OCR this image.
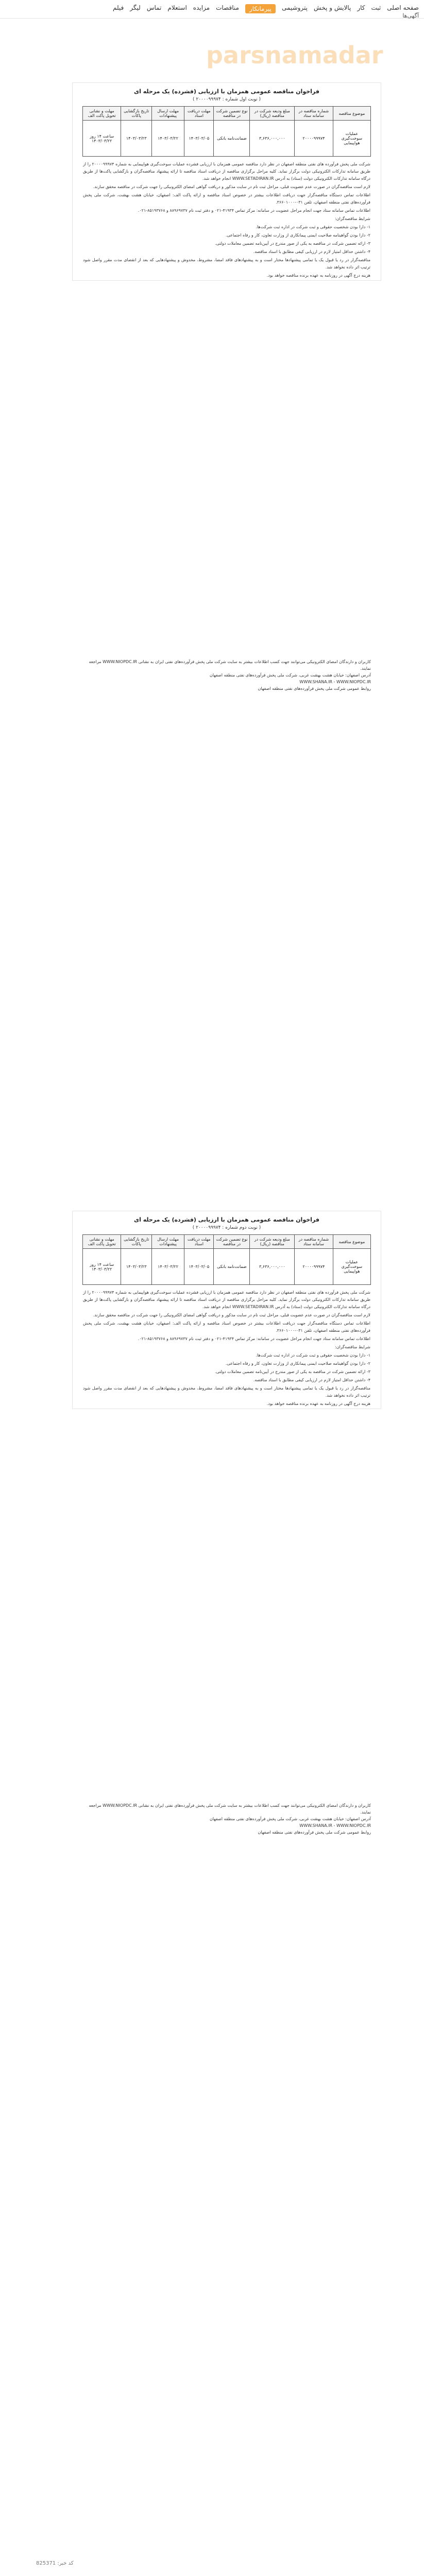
صفحه اصلی
ثبت
کار
پالایش و پخش
پتروشیمی
پیرمانکار
مناقصات
مزایده
استعلام
تماس
لیگر
فیلم
آگهی‌ها
parsnamadar
فراخوان مناقصه عمومی همزمان با ارزیابی (فشرده) یک مرحله ای
( نوبت اول شماره : ۲۰۰۰۰۹۹۹۷۴ )
موضوع مناقصه	شماره مناقصه در سامانه ستاد	مبلغ ودیعه شرکت در مناقصه (ریال)	نوع تضمین شرکت در مناقصه	مهلت دریافت اسناد	مهلت ارسال پیشنهادات	تاریخ بازگشایی پاکات	مهلت و نشانی تحویل پاکت الف
عملیات سوخت‌گیری هواپیمایی	۲۰۰۰۰۹۹۹۷۴	۳,۶۳۶,۰۰۰,۰۰۰	ضمانت‌نامه بانکی	۱۴۰۳/۰۳/۰۵	۱۴۰۳/۰۳/۲۲	۱۴۰۳/۰۳/۲۳	ساعت ۱۴ روز ۱۴۰۳/۰۳/۲۲

شرکت ملی پخش فرآورده های نفتی منطقه اصفهان در نظر دارد مناقصه عمومی همزمان با ارزیابی فشرده عملیات سوخت‌گیری هواپیمایی به شماره ۲۰۰۰۰۹۹۹۷۴ را از طریق سامانه تدارکات الکترونیکی دولت برگزار نماید. کلیه مراحل برگزاری مناقصه از دریافت اسناد مناقصه تا ارائه پیشنهاد مناقصه‌گران و بازگشایی پاکت‌ها از طریق درگاه سامانه تدارکات الکترونیکی دولت (ستاد) به آدرس WWW.SETADIRAN.IR انجام خواهد شد.

لازم است مناقصه‌گران در صورت عدم عضویت قبلی، مراحل ثبت نام در سایت مذکور و دریافت گواهی امضای الکترونیکی را جهت شرکت در مناقصه محقق سازند.

اطلاعات تماس دستگاه مناقصه‌گزار جهت دریافت اطلاعات بیشتر در خصوص اسناد مناقصه و ارائه پاکت الف: اصفهان، خیابان هشت بهشت، شرکت ملی پخش فرآورده‌های نفتی منطقه اصفهان، تلفن ۰۳۱-۳۶۶۰۱۰۰۰.

اطلاعات تماس سامانه ستاد جهت انجام مراحل عضویت در سامانه: مرکز تماس ۴۱۹۳۴-۰۲۱ و دفتر ثبت نام ۸۸۹۶۹۷۳۷ و ۸۵۱۹۳۷۶۸-۰۲۱.

شرایط مناقصه‌گران:

۱- دارا بودن شخصیت حقوقی و ثبت شرکت در اداره ثبت شرکت‌ها.

۲- دارا بودن گواهینامه صلاحیت ایمنی پیمانکاری از وزارت تعاون، کار و رفاه اجتماعی.

۳- ارائه تضمین شرکت در مناقصه به یکی از صور مندرج در آیین‌نامه تضمین معاملات دولتی.

۴- داشتن حداقل امتیاز لازم در ارزیابی کیفی مطابق با اسناد مناقصه.

مناقصه‌گزار در رد یا قبول یک یا تمامی پیشنهادها مختار است و به پیشنهادهای فاقد امضا، مشروط، مخدوش و پیشنهادهایی که بعد از انقضای مدت مقرر واصل شود ترتیب اثر داده نخواهد شد.

هزینه درج آگهی در روزنامه به عهده برنده مناقصه خواهد بود.

کاربران و دارندگان امضای الکترونیکی می‌توانند جهت کسب اطلاعات بیشتر به سایت شرکت ملی پخش فرآورده‌های نفتی ایران به نشانی WWW.NIOPDC.IR مراجعه نمایند.

آدرس اصفهان: خیابان هشت بهشت غربی، شرکت ملی پخش فرآورده‌های نفتی منطقه اصفهان

WWW.SHANA.IR - WWW.NIOPDC.IR

روابط عمومی شرکت ملی پخش فرآورده‌های نفتی منطقه اصفهان

فراخوان مناقصه عمومی همزمان با ارزیابی (فشرده) یک مرحله ای
( نوبت دوم شماره : ۲۰۰۰۰۹۹۹۷۴ )
موضوع مناقصه	شماره مناقصه در سامانه ستاد	مبلغ ودیعه شرکت در مناقصه (ریال)	نوع تضمین شرکت در مناقصه	مهلت دریافت اسناد	مهلت ارسال پیشنهادات	تاریخ بازگشایی پاکات	مهلت و نشانی تحویل پاکت الف
عملیات سوخت‌گیری هواپیمایی	۲۰۰۰۰۹۹۹۷۴	۳,۶۳۶,۰۰۰,۰۰۰	ضمانت‌نامه بانکی	۱۴۰۳/۰۳/۰۵	۱۴۰۳/۰۳/۲۲	۱۴۰۳/۰۳/۲۳	ساعت ۱۴ روز ۱۴۰۳/۰۳/۲۲

شرکت ملی پخش فرآورده های نفتی منطقه اصفهان در نظر دارد مناقصه عمومی همزمان با ارزیابی فشرده عملیات سوخت‌گیری هواپیمایی به شماره ۲۰۰۰۰۹۹۹۷۴ را از طریق سامانه تدارکات الکترونیکی دولت برگزار نماید. کلیه مراحل برگزاری مناقصه از دریافت اسناد مناقصه تا ارائه پیشنهاد مناقصه‌گران و بازگشایی پاکت‌ها از طریق درگاه سامانه تدارکات الکترونیکی دولت (ستاد) به آدرس WWW.SETADIRAN.IR انجام خواهد شد.

لازم است مناقصه‌گران در صورت عدم عضویت قبلی، مراحل ثبت نام در سایت مذکور و دریافت گواهی امضای الکترونیکی را جهت شرکت در مناقصه محقق سازند.

اطلاعات تماس دستگاه مناقصه‌گزار جهت دریافت اطلاعات بیشتر در خصوص اسناد مناقصه و ارائه پاکت الف: اصفهان، خیابان هشت بهشت، شرکت ملی پخش فرآورده‌های نفتی منطقه اصفهان، تلفن ۰۳۱-۳۶۶۰۱۰۰۰.

اطلاعات تماس سامانه ستاد جهت انجام مراحل عضویت در سامانه: مرکز تماس ۴۱۹۳۴-۰۲۱ و دفتر ثبت نام ۸۸۹۶۹۷۳۷ و ۸۵۱۹۳۷۶۸-۰۲۱.

شرایط مناقصه‌گران:

۱- دارا بودن شخصیت حقوقی و ثبت شرکت در اداره ثبت شرکت‌ها.

۲- دارا بودن گواهینامه صلاحیت ایمنی پیمانکاری از وزارت تعاون، کار و رفاه اجتماعی.

۳- ارائه تضمین شرکت در مناقصه به یکی از صور مندرج در آیین‌نامه تضمین معاملات دولتی.

۴- داشتن حداقل امتیاز لازم در ارزیابی کیفی مطابق با اسناد مناقصه.

مناقصه‌گزار در رد یا قبول یک یا تمامی پیشنهادها مختار است و به پیشنهادهای فاقد امضا، مشروط، مخدوش و پیشنهادهایی که بعد از انقضای مدت مقرر واصل شود ترتیب اثر داده نخواهد شد.

هزینه درج آگهی در روزنامه به عهده برنده مناقصه خواهد بود.

کاربران و دارندگان امضای الکترونیکی می‌توانند جهت کسب اطلاعات بیشتر به سایت شرکت ملی پخش فرآورده‌های نفتی ایران به نشانی WWW.NIOPDC.IR مراجعه نمایند.

آدرس اصفهان: خیابان هشت بهشت غربی، شرکت ملی پخش فرآورده‌های نفتی منطقه اصفهان

WWW.SHANA.IR - WWW.NIOPDC.IR

روابط عمومی شرکت ملی پخش فرآورده‌های نفتی منطقه اصفهان

کد خبر: 825371
